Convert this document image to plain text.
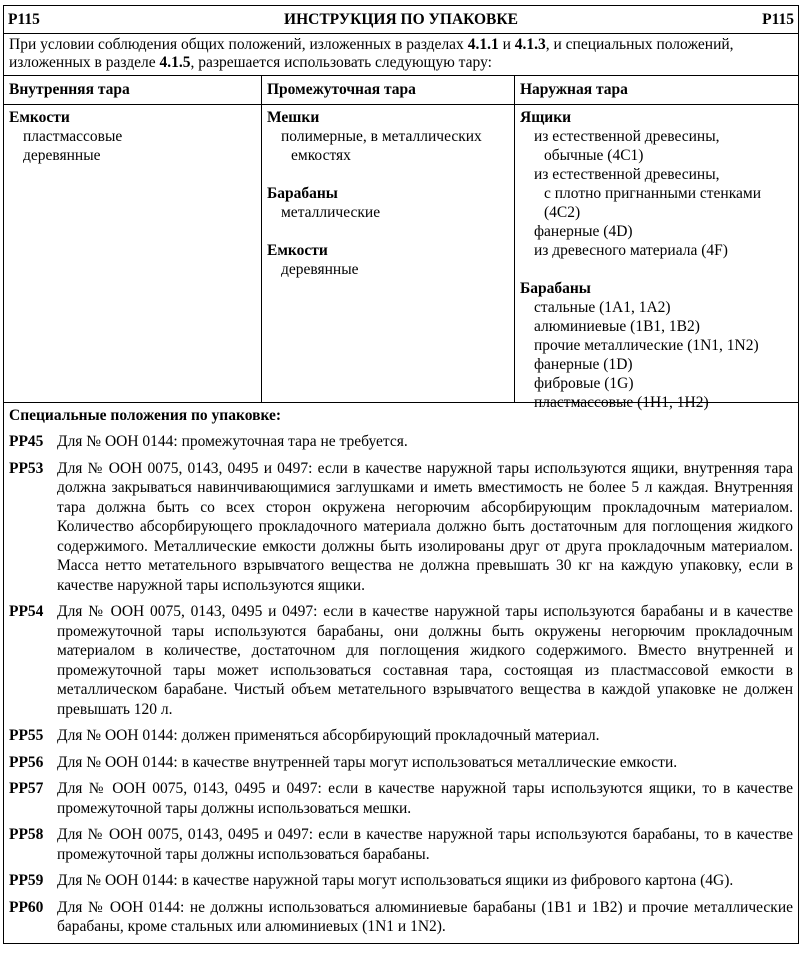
P115	ИНСТРУКЦИЯ ПО УПАКОВКЕ	P115
При условии соблюдения общих положений, изложенных в разделах 4.1.1 и 4.1.3, и специальных положений, изложенных в разделе 4.1.5, разрешается использовать следующую тару:
Внутренняя тара
Емкости
пластмассовые
деревянные
Промежуточная тара
Мешки
полимерные, в металлических
емкостях
Барабаны
металлические
Емкости
деревянные
Наружная тара
Ящики
из естественной древесины,
обычные (4С1)
из естественной древесины,
с плотно пригнанными стенками
(4С2)
фанерные (4D)
из древесного материала (4F)
Барабаны
стальные (1A1, 1A2)
алюминиевые (1B1, 1B2)
прочие металлические (1N1, 1N2)
фанерные (1D)
фибровые (1G)
пластмассовые (1H1, 1H2)
Специальные положения по упаковке:
PP45 Для № ООН 0144: промежуточная тара не требуется.
PP53 Для № ООН 0075, 0143, 0495 и 0497: если в качестве наружной тары используются ящики, внутренняя тара должна закрываться навинчивающимися заглушками и иметь вместимость не более 5 л каждая. Внутренняя тара должна быть со всех сторон окружена негорючим абсорбирующим прокладочным материалом. Количество абсорбирующего прокладочного материала должно быть достаточным для поглощения жидкого содержимого. Металлические емкости должны быть изолированы друг от друга прокладочным материалом. Масса нетто метательного взрывчатого вещества не должна превышать 30 кг на каждую упаковку, если в качестве наружной тары используются ящики.
PP54 Для № ООН 0075, 0143, 0495 и 0497: если в качестве наружной тары используются барабаны и в качестве промежуточной тары используются барабаны, они должны быть окружены негорючим прокладочным материалом в количестве, достаточном для поглощения жидкого содержимого. Вместо внутренней и промежуточной тары может использоваться составная тара, состоящая из пластмассовой емкости в металлическом барабане. Чистый объем метательного взрывчатого вещества в каждой упаковке не должен превышать 120 л.
PP55 Для № ООН 0144: должен применяться абсорбирующий прокладочный материал.
PP56 Для № ООН 0144: в качестве внутренней тары могут использоваться металлические емкости.
PP57 Для № ООН 0075, 0143, 0495 и 0497: если в качестве наружной тары используются ящики, то в качестве промежуточной тары должны использоваться мешки.
PP58 Для № ООН 0075, 0143, 0495 и 0497: если в качестве наружной тары используются барабаны, то в качестве промежуточной тары должны использоваться барабаны.
PP59 Для № ООН 0144: в качестве наружной тары могут использоваться ящики из фибрового картона (4G).
PP60 Для № ООН 0144: не должны использоваться алюминиевые барабаны (1B1 и 1B2) и прочие металлические барабаны, кроме стальных или алюминиевых (1N1 и 1N2).
